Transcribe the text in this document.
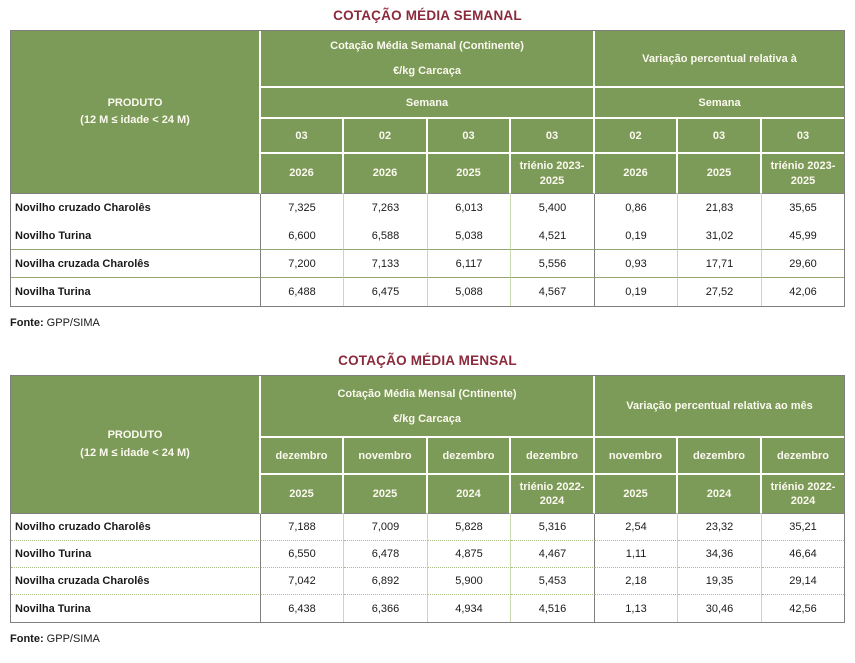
COTAÇÃO MÉDIA SEMANAL
PRODUTO
(12 M ≤ idade < 24 M)

Cotação Média Semanal (Continente)
€/kg Carcaça
	Variação percentual relativa à
	Semana				Semana		
	03	02	03	03	02	03	03
	2026	2026	2025	triénio 2023-2025	2026	2025	triénio 2023-2025
Novilho cruzado Charolês	7,325	7,263	6,013	5,400	0,86	21,83	35,65
Novilho Turina	6,600	6,588	5,038	4,521	0,19	31,02	45,99
Novilha cruzada Charolês	7,200	7,133	6,117	5,556	0,93	17,71	29,60
Novilha Turina	6,488	6,475	5,088	4,567	0,19	27,52	42,06
Fonte: GPP/SIMA
COTAÇÃO MÉDIA MENSAL
PRODUTO
(12 M ≤ idade < 24 M)

Cotação Média Mensal (Cntinente)
€/kg Carcaça
	Variação percentual relativa ao mês
	dezembro	novembro	dezembro	dezembro	novembro	dezembro	dezembro
	2025	2025	2024	triénio 2022-2024	2025	2024	triénio 2022-2024
Novilho cruzado Charolês	7,188	7,009	5,828	5,316	2,54	23,32	35,21
Novilho Turina	6,550	6,478	4,875	4,467	1,11	34,36	46,64
Novilha cruzada Charolês	7,042	6,892	5,900	5,453	2,18	19,35	29,14
Novilha Turina	6,438	6,366	4,934	4,516	1,13	30,46	42,56
Fonte: GPP/SIMA
